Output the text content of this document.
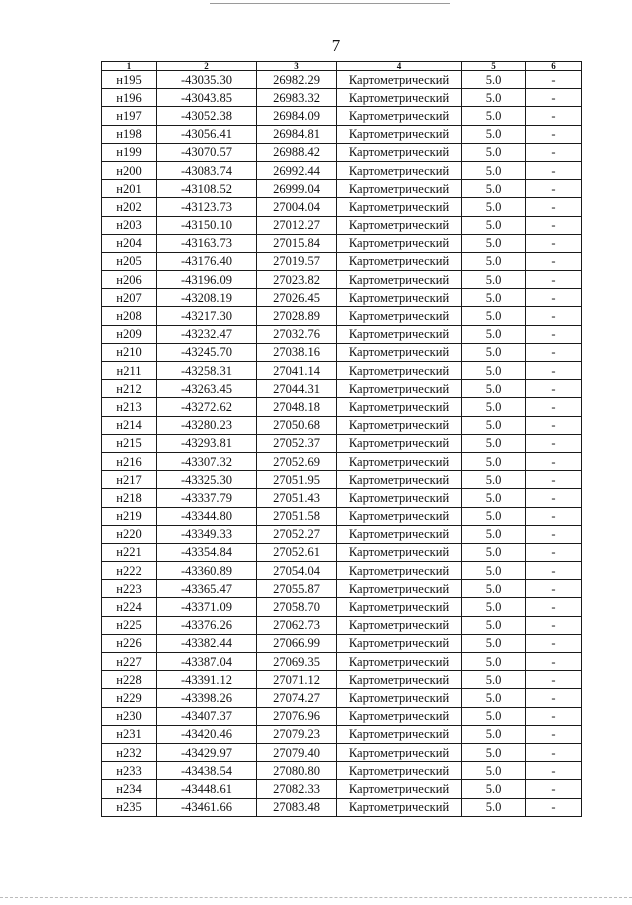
7
1	2	3	4	5	6
н195	-43035.30	26982.29	Картометрический	5.0	-
н196	-43043.85	26983.32	Картометрический	5.0	-
н197	-43052.38	26984.09	Картометрический	5.0	-
н198	-43056.41	26984.81	Картометрический	5.0	-
н199	-43070.57	26988.42	Картометрический	5.0	-
н200	-43083.74	26992.44	Картометрический	5.0	-
н201	-43108.52	26999.04	Картометрический	5.0	-
н202	-43123.73	27004.04	Картометрический	5.0	-
н203	-43150.10	27012.27	Картометрический	5.0	-
н204	-43163.73	27015.84	Картометрический	5.0	-
н205	-43176.40	27019.57	Картометрический	5.0	-
н206	-43196.09	27023.82	Картометрический	5.0	-
н207	-43208.19	27026.45	Картометрический	5.0	-
н208	-43217.30	27028.89	Картометрический	5.0	-
н209	-43232.47	27032.76	Картометрический	5.0	-
н210	-43245.70	27038.16	Картометрический	5.0	-
н211	-43258.31	27041.14	Картометрический	5.0	-
н212	-43263.45	27044.31	Картометрический	5.0	-
н213	-43272.62	27048.18	Картометрический	5.0	-
н214	-43280.23	27050.68	Картометрический	5.0	-
н215	-43293.81	27052.37	Картометрический	5.0	-
н216	-43307.32	27052.69	Картометрический	5.0	-
н217	-43325.30	27051.95	Картометрический	5.0	-
н218	-43337.79	27051.43	Картометрический	5.0	-
н219	-43344.80	27051.58	Картометрический	5.0	-
н220	-43349.33	27052.27	Картометрический	5.0	-
н221	-43354.84	27052.61	Картометрический	5.0	-
н222	-43360.89	27054.04	Картометрический	5.0	-
н223	-43365.47	27055.87	Картометрический	5.0	-
н224	-43371.09	27058.70	Картометрический	5.0	-
н225	-43376.26	27062.73	Картометрический	5.0	-
н226	-43382.44	27066.99	Картометрический	5.0	-
н227	-43387.04	27069.35	Картометрический	5.0	-
н228	-43391.12	27071.12	Картометрический	5.0	-
н229	-43398.26	27074.27	Картометрический	5.0	-
н230	-43407.37	27076.96	Картометрический	5.0	-
н231	-43420.46	27079.23	Картометрический	5.0	-
н232	-43429.97	27079.40	Картометрический	5.0	-
н233	-43438.54	27080.80	Картометрический	5.0	-
н234	-43448.61	27082.33	Картометрический	5.0	-
н235	-43461.66	27083.48	Картометрический	5.0	-
